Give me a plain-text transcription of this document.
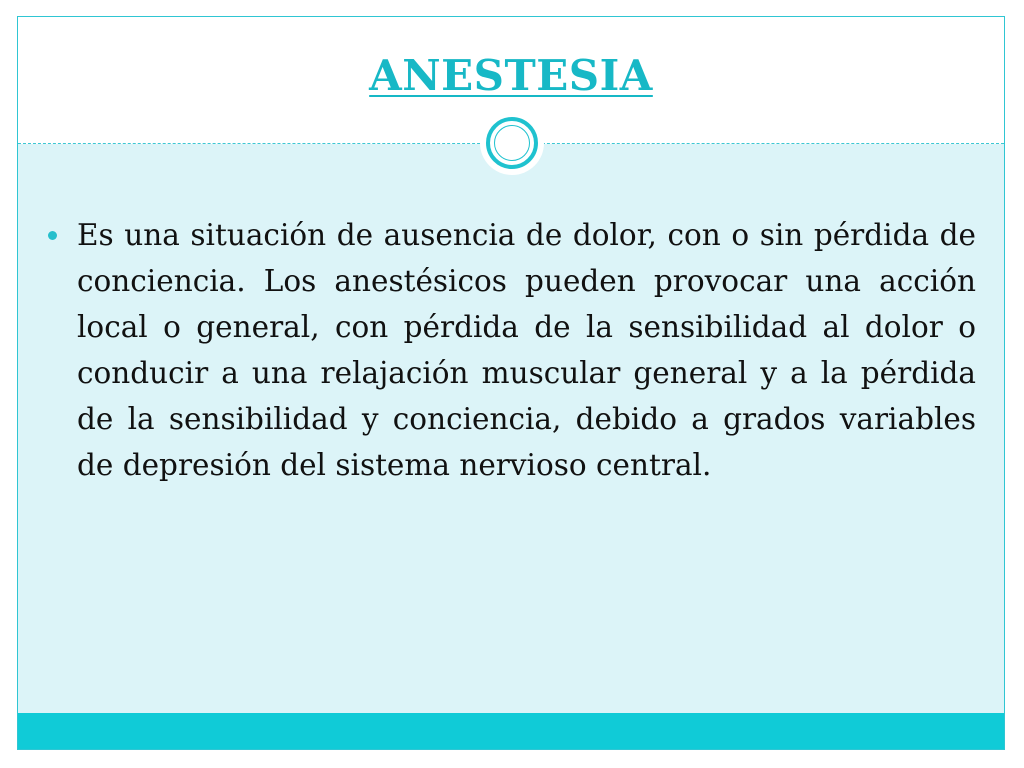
ANESTESIA

Es una situación de ausencia de dolor, con o sin pérdida de conciencia. Los anestésicos pueden provocar una acción local o general, con pérdida de la sensibilidad al dolor o conducir a una relajación muscular general y a la pérdida de la sensibilidad y conciencia, debido a grados variables de depresión del sistema nervioso central.
